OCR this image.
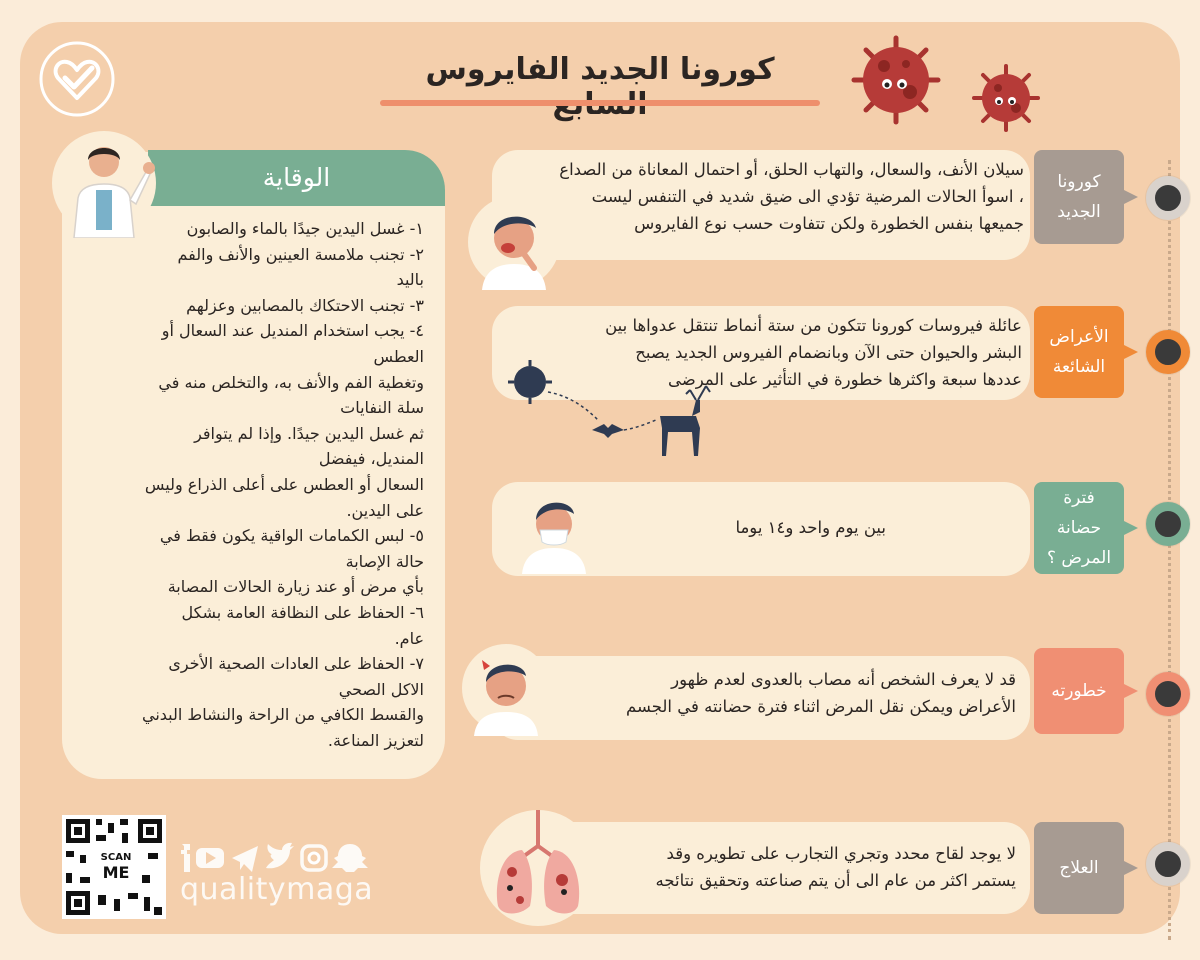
كورونا الجديد الفايروس
الوقاية
١- غسل اليدين جيدًا بالماء والصابون
٢- تجنب ملامسة العينين والأنف والفم
باليد
٣- تجنب الاحتكاك بالمصابين وعزلهم
٤- يجب استخدام المنديل عند السعال أو
العطس
وتغطية الفم والأنف به، والتخلص منه في
سلة النفايات
ثم غسل اليدين جيدًا. وإذا لم يتوافر
المنديل، فيفضل
السعال أو العطس على أعلى الذراع وليس
على اليدين.
٥- لبس الكمامات الواقية يكون فقط في
حالة الإصابة
بأي مرض أو عند زيارة الحالات المصابة
٦- الحفاظ على النظافة العامة بشكل
عام.
٧- الحفاظ على العادات الصحية الأخرى
الاكل الصحي
والقسط الكافي من الراحة والنشاط البدني
لتعزيز المناعة.
كورونا الجديد
سيلان الأنف، والسعال، والتهاب الحلق، أو احتمال المعاناة من الصداع
، اسوأ الحالات المرضية تؤدي الى ضيق شديد في التنفس ليست
جميعها بنفس الخطورة ولكن تتفاوت حسب نوع الفايروس
عائلة فيروسات كورونا تتكون من ستة أنماط تنتقل عدواها بين
البشر والحيوان حتى الآن وبانضمام الفيروس الجديد يصبح
عددها سبعة واكثرها خطورة في التأثير على المرضى
الأعراض الشائعة
بين يوم واحد و١٤ يوما
فترة حضانة المرض ؟
قد لا يعرف الشخص أنه مصاب بالعدوى لعدم ظهور
الأعراض ويمكن نقل المرض اثناء فترة حضانته في الجسم
خطورته
لا يوجد لقاح محدد وتجري التجارب على تطويره وقد
يستمر اكثر من عام الى أن يتم صناعته وتحقيق نتائجه
العلاج
SCAN
ME qualitymaga
